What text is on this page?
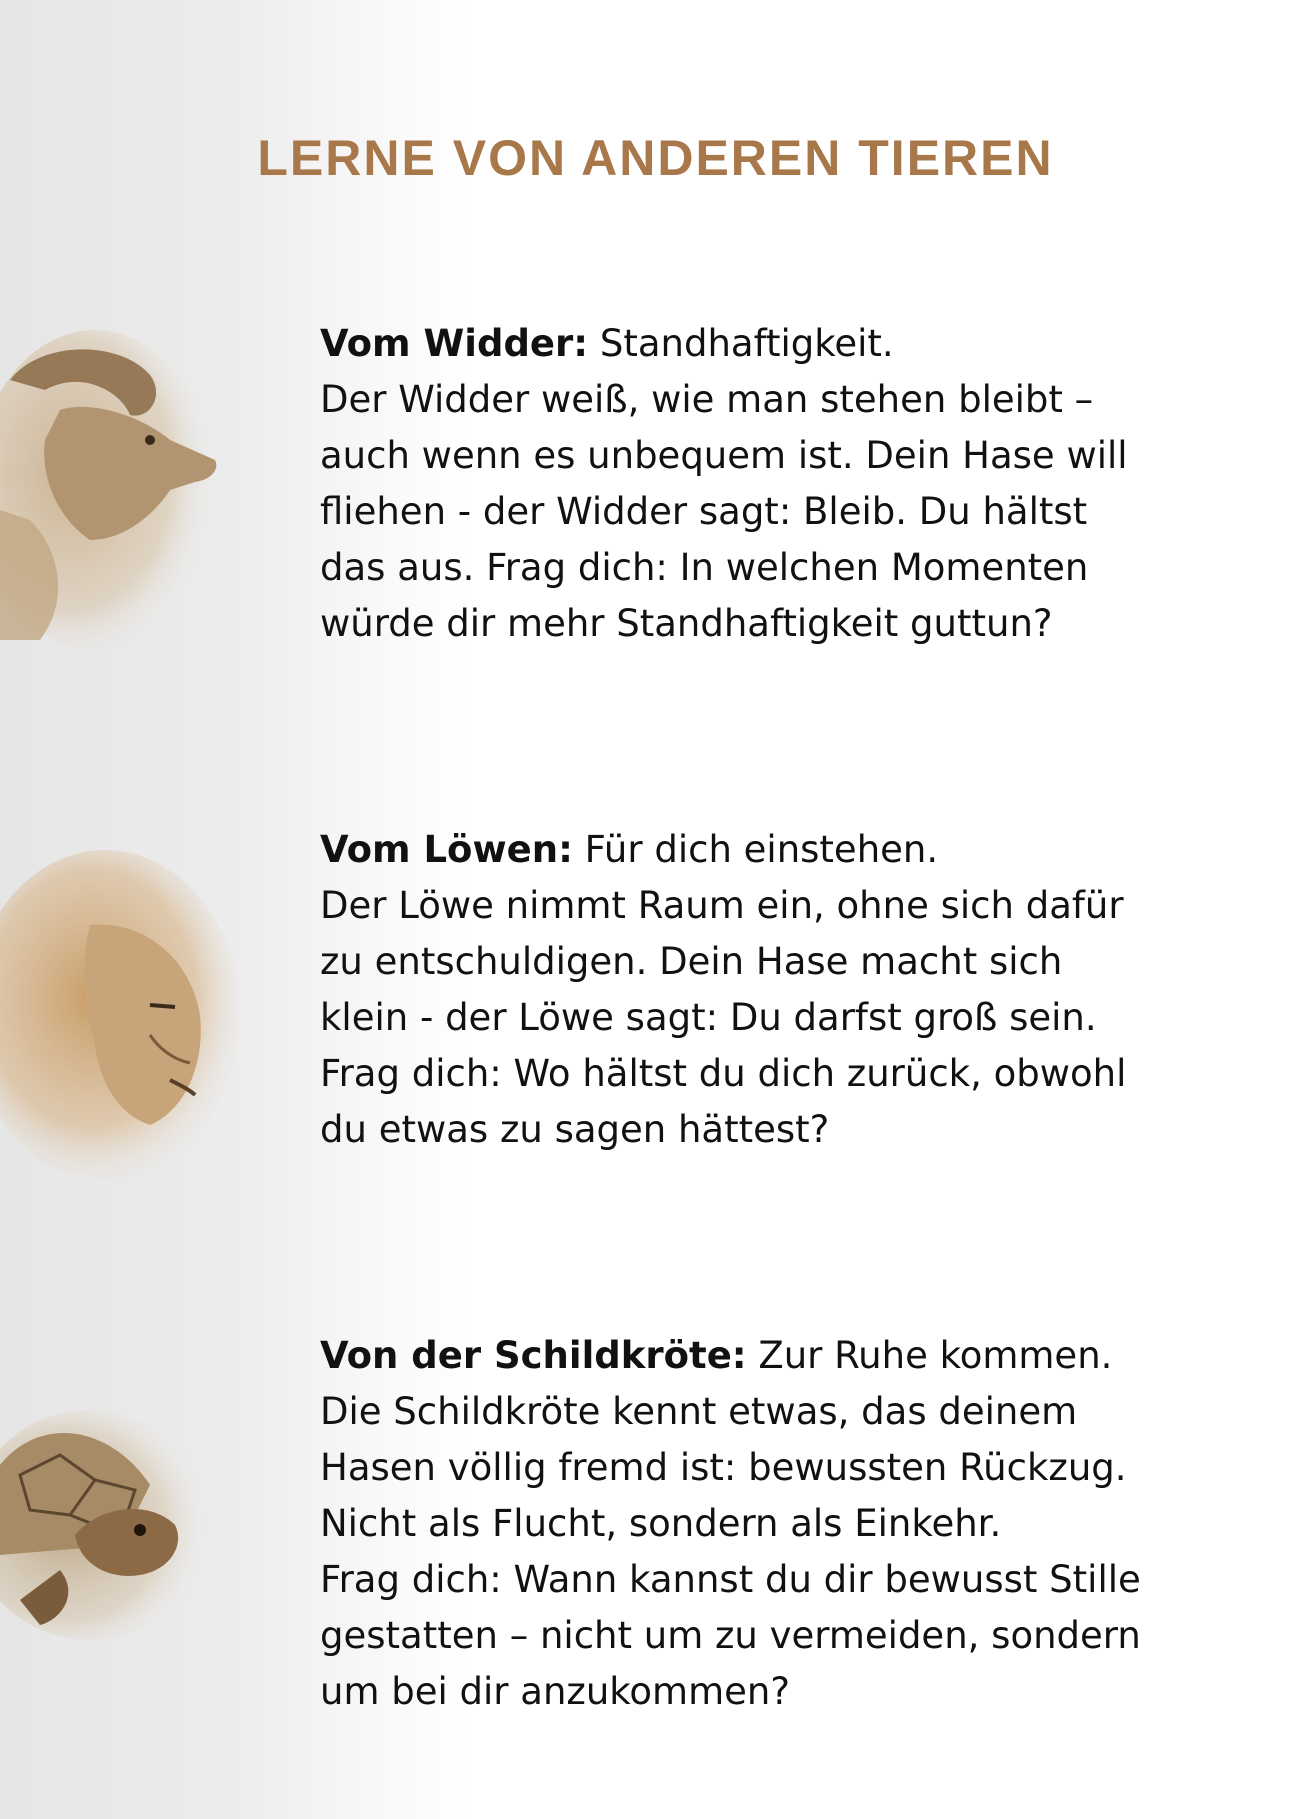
LERNE VON ANDEREN TIEREN

Vom Widder: Standhaftigkeit.

Der Widder weiß, wie man stehen bleibt –
auch wenn es unbequem ist. Dein Hase will
fliehen - der Widder sagt: Bleib. Du hältst
das aus. Frag dich: In welchen Momenten
würde dir mehr Standhaftigkeit guttun?

Vom Löwen: Für dich einstehen.

Der Löwe nimmt Raum ein, ohne sich dafür
zu entschuldigen. Dein Hase macht sich
klein - der Löwe sagt: Du darfst groß sein.
Frag dich: Wo hältst du dich zurück, obwohl
du etwas zu sagen hättest?

Von der Schildkröte: Zur Ruhe kommen.

Die Schildkröte kennt etwas, das deinem
Hasen völlig fremd ist: bewussten Rückzug.
Nicht als Flucht, sondern als Einkehr.
Frag dich: Wann kannst du dir bewusst Stille
gestatten – nicht um zu vermeiden, sondern
um bei dir anzukommen?
